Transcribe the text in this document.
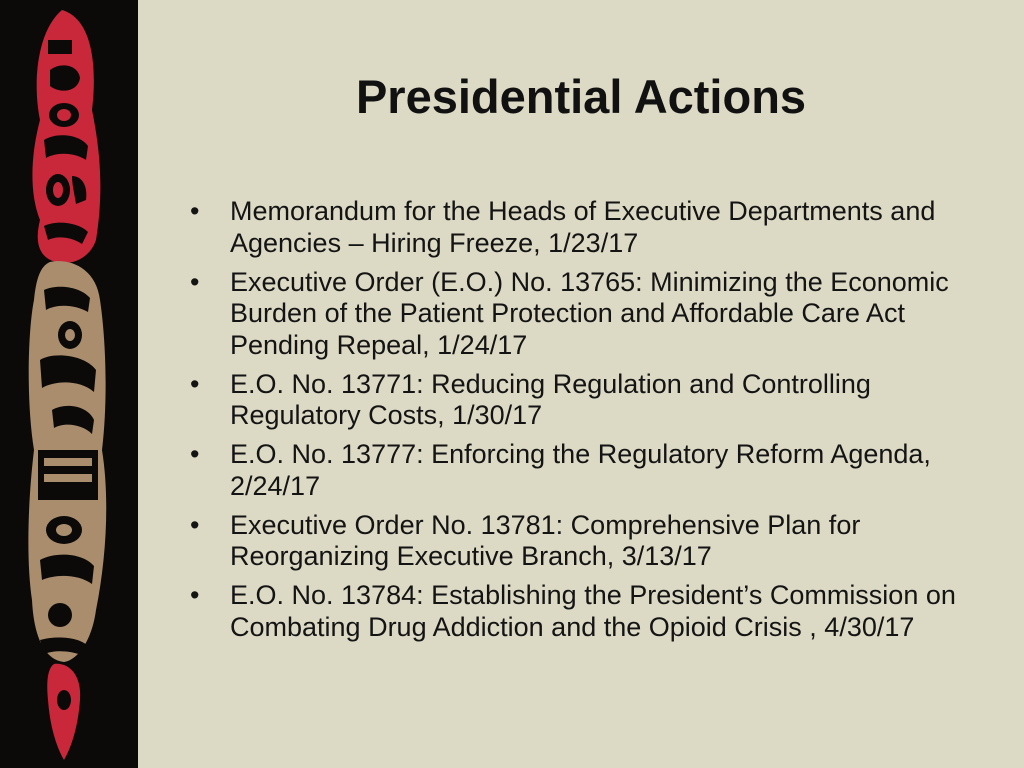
Presidential Actions
•	Memorandum for the Heads of Executive Departments and Agencies – Hiring Freeze, 1/23/17
•	Executive Order (E.O.) No. 13765: Minimizing the Economic Burden of the Patient Protection and Affordable Care Act Pending Repeal, 1/24/17
•	E.O. No. 13771: Reducing Regulation and Controlling Regulatory Costs, 1/30/17
•	E.O. No. 13777: Enforcing the Regulatory Reform Agenda, 2/24/17
•	Executive Order No. 13781: Comprehensive Plan for Reorganizing Executive Branch, 3/13/17
•	E.O. No. 13784: Establishing the President’s Commission on Combating Drug Addiction and the Opioid Crisis , 4/30/17
